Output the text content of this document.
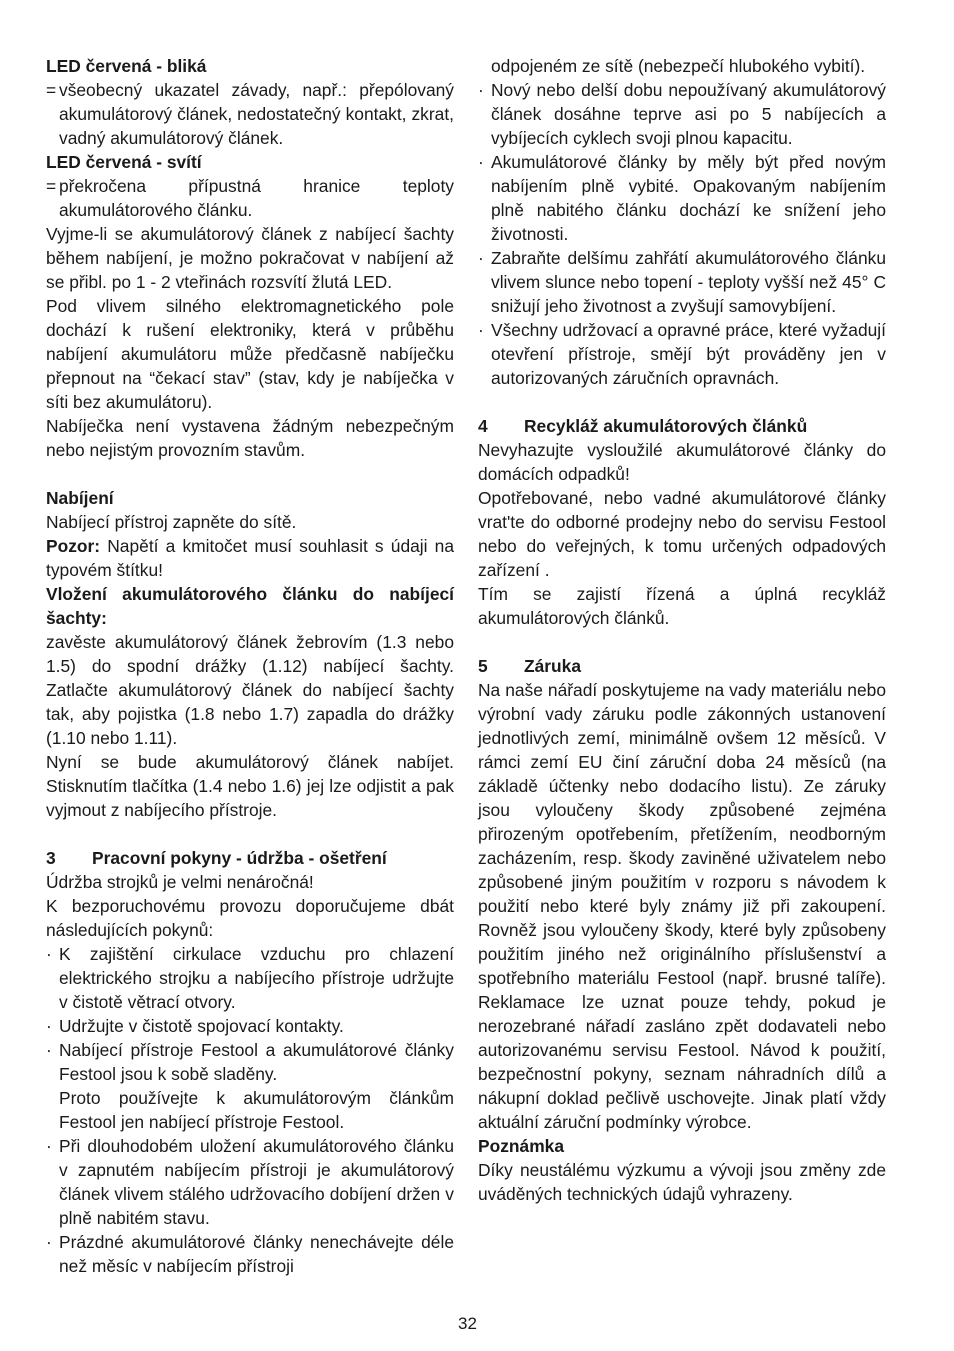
LED červená - bliká

= všeobecný ukazatel závady, např.: přepólovaný akumulátorový článek, nedostatečný kontakt, zkrat, vadný akumulátorový článek.

LED červená - svítí

= překročena přípustná hranice teploty akumulátorového článku.

Vyjme-li se akumulátorový článek z nabíjecí šachty během nabíjení, je možno pokračovat v nabíjení až se přibl. po 1 - 2 vteřinách rozsvítí žlutá LED.

Pod vlivem silného elektromagnetického pole dochází k rušení elektroniky, která v průběhu nabíjení akumulátoru může předčasně nabíječku přepnout na “čekací stav” (stav, kdy je nabíječka v síti bez akumulátoru).

Nabíječka není vystavena žádným nebezpečným nebo nejistým provozním stavům.

Nabíjení

Nabíjecí přístroj zapněte do sítě.

Pozor: Napětí a kmitočet musí souhlasit s údaji na typovém štítku!

Vložení akumulátorového článku do nabíjecí šachty:

zavěste akumulátorový článek žebrovím (1.3 nebo 1.5) do spodní drážky (1.12) nabíjecí šachty. Zatlačte akumulátorový článek do nabíjecí šachty tak, aby pojistka (1.8 nebo 1.7) zapadla do drážky (1.10 nebo 1.11).

Nyní se bude akumulátorový článek nabíjet. Stisknutím tlačítka (1.4 nebo 1.6) jej lze odjistit a pak vyjmout z nabíjecího přístroje.

3	Pracovní pokyny - údržba - ošetření

Údržba strojků je velmi nenáročná!

K bezporuchovému provozu doporučujeme dbát následujících pokynů:

· K zajištění cirkulace vzduchu pro chlazení elektrického strojku a nabíjecího přístroje udržujte v čistotě větrací otvory.
· Udržujte v čistotě spojovací kontakty.
· Nabíjecí přístroje Festool a akumulátorové články Festool jsou k sobě sladěny.

Proto používejte k akumulátorovým článkům Festool jen nabíjecí přístroje Festool.

· Při dlouhodobém uložení akumulátorového článku v zapnutém nabíjecím přístroji je akumulátorový článek vlivem stálého udržovacího dobíjení držen v plně nabitém stavu.
· Prázdné akumulátorové články nenechávejte déle než měsíc v nabíjecím přístroji

odpojeném ze sítě (nebezpečí hlubokého vybití).

· Nový nebo delší dobu nepoužívaný akumulátorový článek dosáhne teprve asi po 5 nabíjecích a vybíjecích cyklech svoji plnou kapacitu.
· Akumulátorové články by měly být před novým nabíjením plně vybité. Opakovaným nabíjením plně nabitého článku dochází ke snížení jeho životnosti.
· Zabraňte delšímu zahřátí akumulátorového článku vlivem slunce nebo topení - teploty vyšší než 45° C snižují jeho životnost a zvyšují samovybíjení.
· Všechny udržovací a opravné práce, které vyžadují otevření přístroje, smějí být prováděny jen v autorizovaných záručních opravnách.
4	Recykláž akumulátorových článků

Nevyhazujte vysloužilé akumulátorové články do domácích odpadků!

Opotřebované, nebo vadné akumulátorové články vrat'te do odborné prodejny nebo do servisu Festool nebo do veřejných, k tomu určených odpadových zařízení .

Tím se zajistí řízená a úplná recykláž akumulátorových článků.

5	Záruka

Na naše nářadí poskytujeme na vady materiálu nebo výrobní vady záruku podle zákonných ustanovení jednotlivých zemí, minimálně ovšem 12 měsíců. V rámci zemí EU činí záruční doba 24 měsíců (na základě účtenky nebo dodacího listu). Ze záruky jsou vyloučeny škody způsobené zejména přirozeným opotřebením, přetížením, neodborným zacházením, resp. škody zaviněné uživatelem nebo způsobené jiným použitím v rozporu s návodem k použití nebo které byly známy již při zakoupení. Rovněž jsou vyloučeny škody, které byly způsobeny použitím jiného než originálního příslušenství a spotřebního materiálu Festool (např. brusné talíře). Reklamace lze uznat pouze tehdy, pokud je nerozebrané nářadí zasláno zpět dodavateli nebo autorizovanému servisu Festool. Návod k použití, bezpečnostní pokyny, seznam náhradních dílů a nákupní doklad pečlivě uschovejte. Jinak platí vždy aktuální záruční podmínky výrobce.

Poznámka

Díky neustálému výzkumu a vývoji jsou změny zde uváděných technických údajů vyhrazeny.

32
